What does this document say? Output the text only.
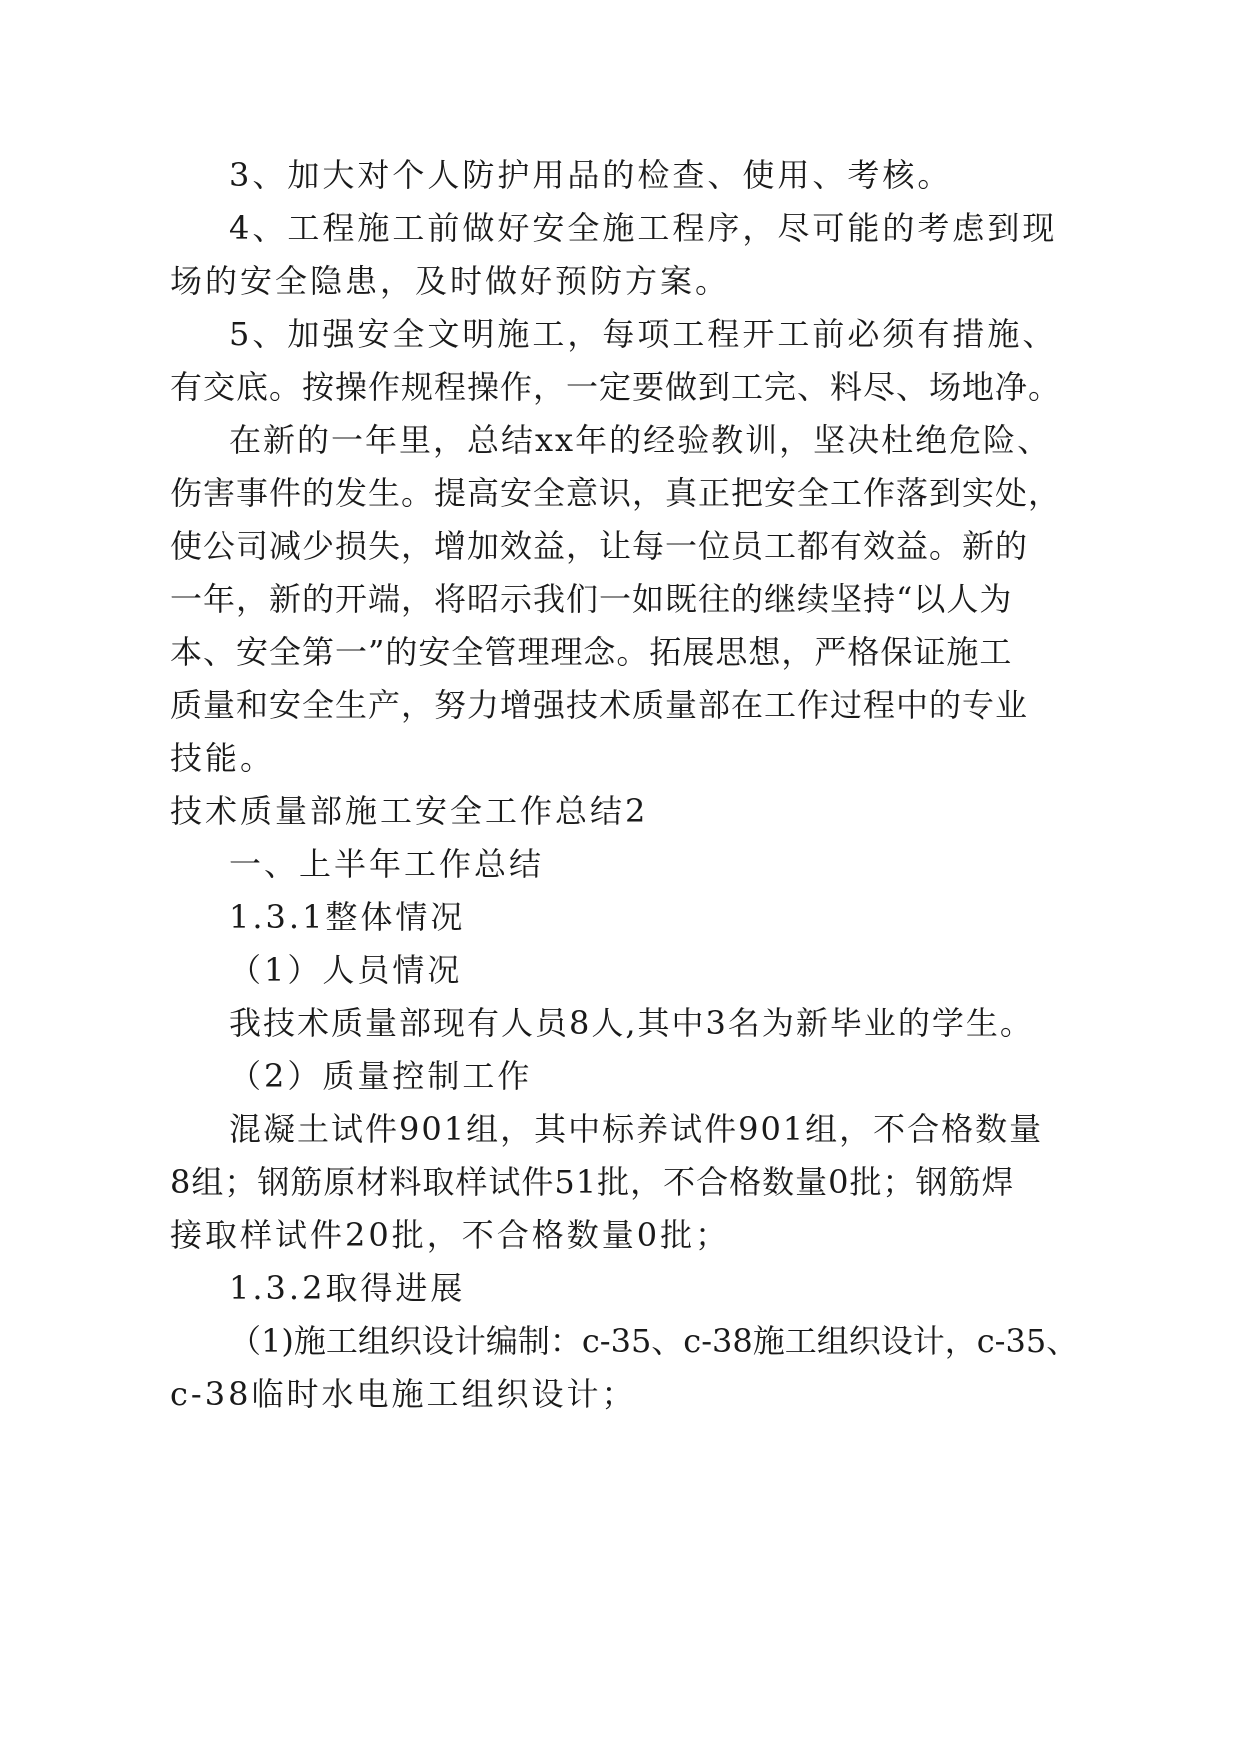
3、加大对个人防护用品的检查、使用、考核。
4、工程施工前做好安全施工程序，尽可能的考虑到现
场的安全隐患，及时做好预防方案。
5、加强安全文明施工，每项工程开工前必须有措施、
有交底。按操作规程操作，一定要做到工完、料尽、场地净。
在新的一年里，总结xx年的经验教训，坚决杜绝危险、
伤害事件的发生。提高安全意识，真正把安全工作落到实处，
使公司减少损失，增加效益，让每一位员工都有效益。新的
一年，新的开端，将昭示我们一如既往的继续坚持“以人为
本、安全第一”的安全管理理念。拓展思想，严格保证施工
质量和安全生产，努力增强技术质量部在工作过程中的专业
技能。
技术质量部施工安全工作总结2
一、上半年工作总结
1.3.1整体情况
（1）人员情况
我技术质量部现有人员8人,其中3名为新毕业的学生。
（2）质量控制工作
混凝土试件901组，其中标养试件901组，不合格数量
8组；钢筋原材料取样试件51批，不合格数量0批；钢筋焊
接取样试件20批，不合格数量0批；
1.3.2取得进展
（1)施工组织设计编制：c-35、c-38施工组织设计，c-35、
c-38临时水电施工组织设计；
